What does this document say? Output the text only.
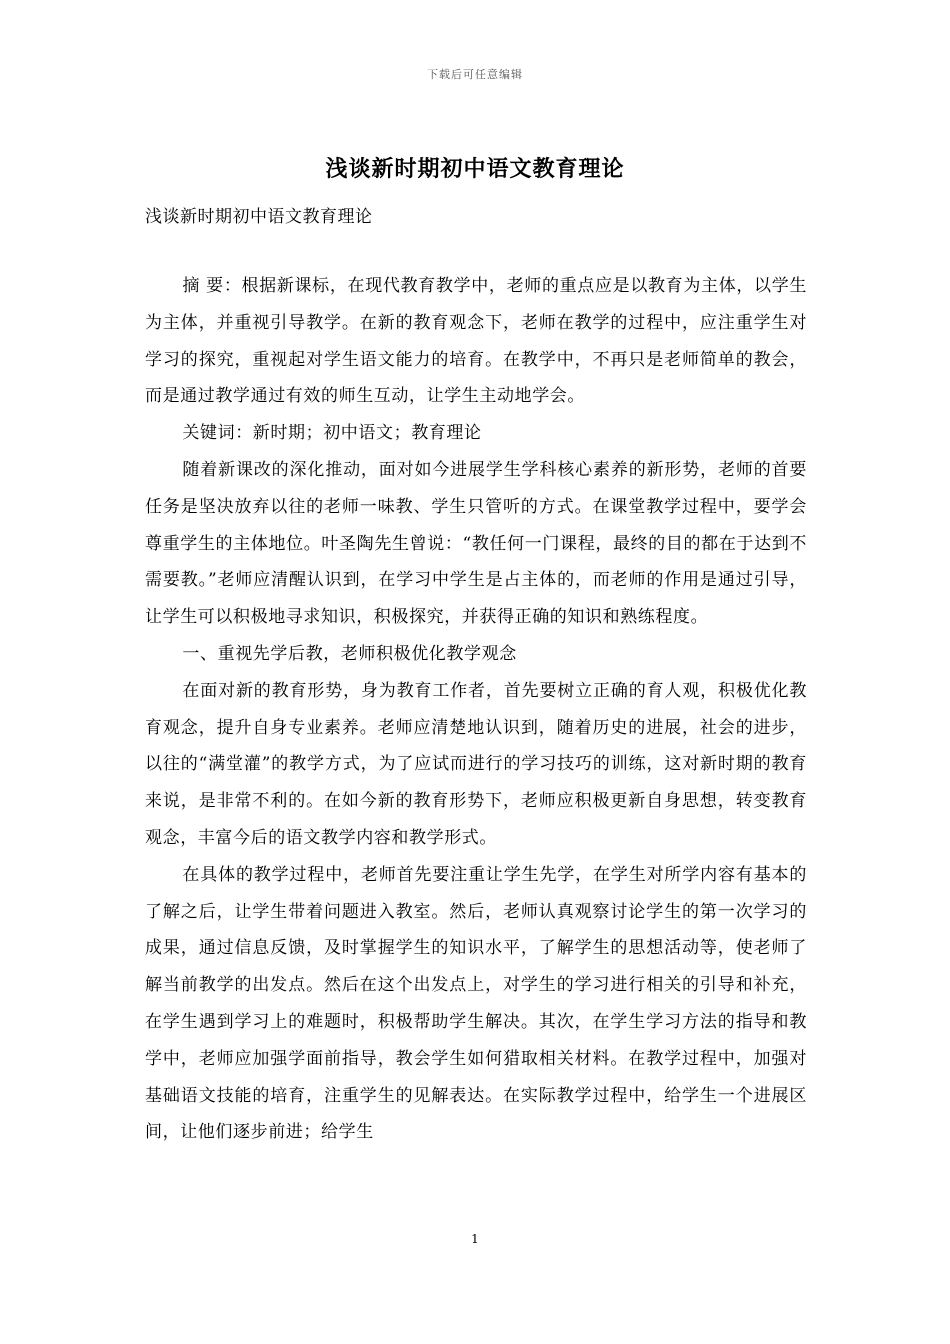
下载后可任意编辑
浅谈新时期初中语文教育理论
浅谈新时期初中语文教育理论

摘 要：根据新课标，在现代教育教学中，老师的重点应是以教育为主体，以学生为主体，并重视引导教学。在新的教育观念下，老师在教学的过程中，应注重学生对学习的探究，重视起对学生语文能力的培育。在教学中，不再只是老师简单的教会，而是通过教学通过有效的师生互动，让学生主动地学会。

关键词：新时期；初中语文；教育理论

随着新课改的深化推动，面对如今进展学生学科核心素养的新形势，老师的首要任务是坚决放弃以往的老师一味教、学生只管听的方式。在课堂教学过程中，要学会尊重学生的主体地位。叶圣陶先生曾说：“教任何一门课程，最终的目的都在于达到不需要教。”老师应清醒认识到，在学习中学生是占主体的，而老师的作用是通过引导，让学生可以积极地寻求知识，积极探究，并获得正确的知识和熟练程度。

一、重视先学后教，老师积极优化教学观念

在面对新的教育形势，身为教育工作者，首先要树立正确的育人观，积极优化教育观念，提升自身专业素养。老师应清楚地认识到，随着历史的进展，社会的进步，以往的“满堂灌”的教学方式，为了应试而进行的学习技巧的训练，这对新时期的教育来说，是非常不利的。在如今新的教育形势下，老师应积极更新自身思想，转变教育观念，丰富今后的语文教学内容和教学形式。

在具体的教学过程中，老师首先要注重让学生先学，在学生对所学内容有基本的了解之后，让学生带着问题进入教室。然后，老师认真观察讨论学生的第一次学习的成果，通过信息反馈，及时掌握学生的知识水平，了解学生的思想活动等，使老师了解当前教学的出发点。然后在这个出发点上，对学生的学习进行相关的引导和补充，在学生遇到学习上的难题时，积极帮助学生解决。其次，在学生学习方法的指导和教学中，老师应加强学面前指导，教会学生如何猎取相关材料。在教学过程中，加强对基础语文技能的培育，注重学生的见解表达。在实际教学过程中，给学生一个进展区间，让他们逐步前进；给学生

1
